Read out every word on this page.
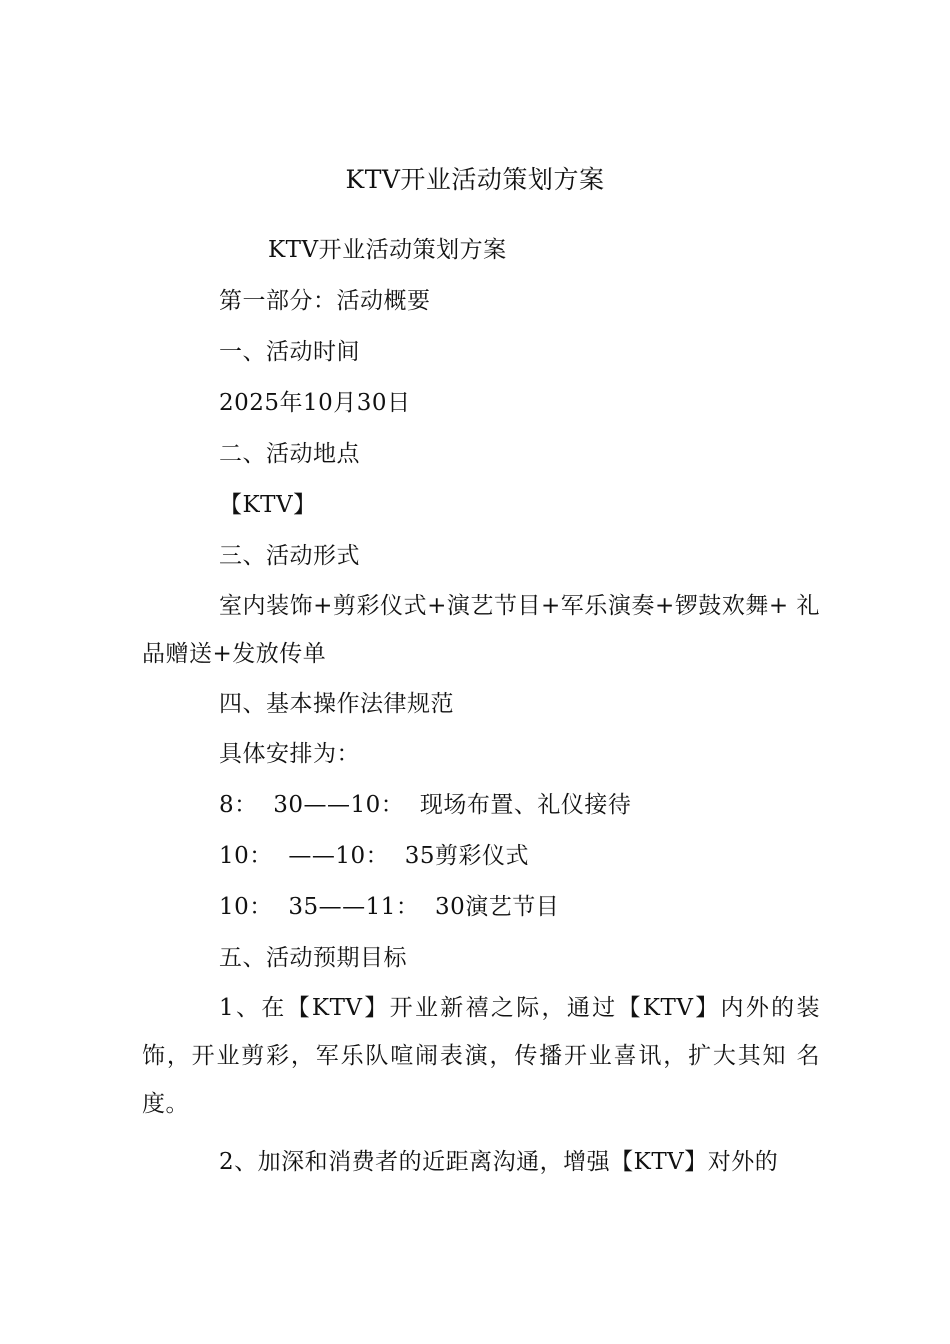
KTV开业活动策划方案
KTV开业活动策划方案
第一部分：活动概要
一、活动时间
2025年10月30日
二、活动地点
【KTV】
三、活动形式
室内装饰+剪彩仪式+演艺节目+军乐演奏+锣鼓欢舞+ 礼品赠送+发放传单
四、基本操作法律规范
具体安排为：
8：  30——10：  现场布置、礼仪接待
10：  ——10：  35剪彩仪式
10：  35——11：  30演艺节目
五、活动预期目标
1、在【KTV】开业新禧之际，通过【KTV】内外的装饰，开业剪彩，军乐队喧闹表演，传播开业喜讯，扩大其知 名度。
2、加深和消费者的近距离沟通，增强【KTV】对外的
